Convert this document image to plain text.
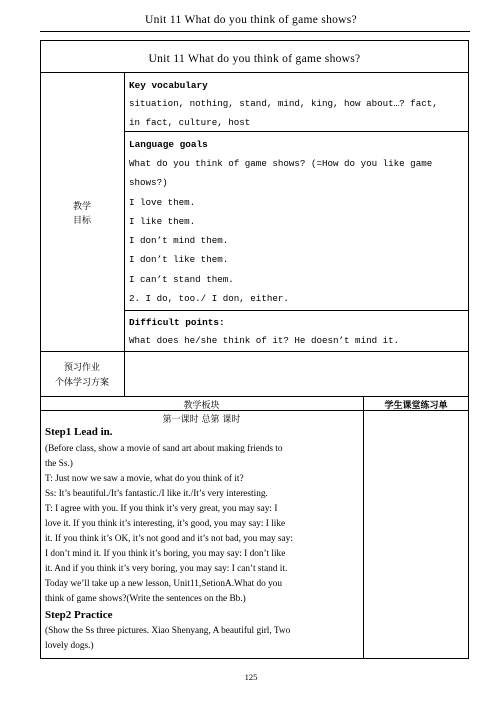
Unit 11 What do you think of game shows?
Unit 11 What do you think of game shows?
教学
目标
Key vocabulary
situation, nothing, stand, mind, king, how about…? fact,
in fact, culture, host
Language goals
What do you think of game shows? (=How do you like game
shows?)
I love them.
I like them.
I don’t mind them.
I don’t like them.
I can’t stand them.
2. I do, too./ I don, either.
Difficult points:
What does he/she think of it? He doesn’t mind it.
预习作业
个体学习方案
教学板块	学生课堂练习单
第一课时 总第 课时
Step1 Lead in.
(Before class, show a movie of sand art about making friends to
the Ss.)
T: Just now we saw a movie, what do you think of it?
Ss: It’s beautiful./It’s fantastic./I like it./It’s very interesting.
T: I agree with you. If you think it’s very great, you may say: I
love it. If you think it’s interesting, it’s good, you may say: I like
it. If you think it’s OK, it’s not good and it’s not bad, you may say:
I don’t mind it. If you think it’s boring, you may say: I don’t like
it. And if you think it’s very boring, you may say: I can’t stand it.
Today we’ll take up a new lesson, Unit11,SetionA.What do you
think of game shows?(Write the sentences on the Bb.)
Step2 Practice
(Show the Ss three pictures. Xiao Shenyang, A beautiful girl, Two
lovely dogs.)
125
